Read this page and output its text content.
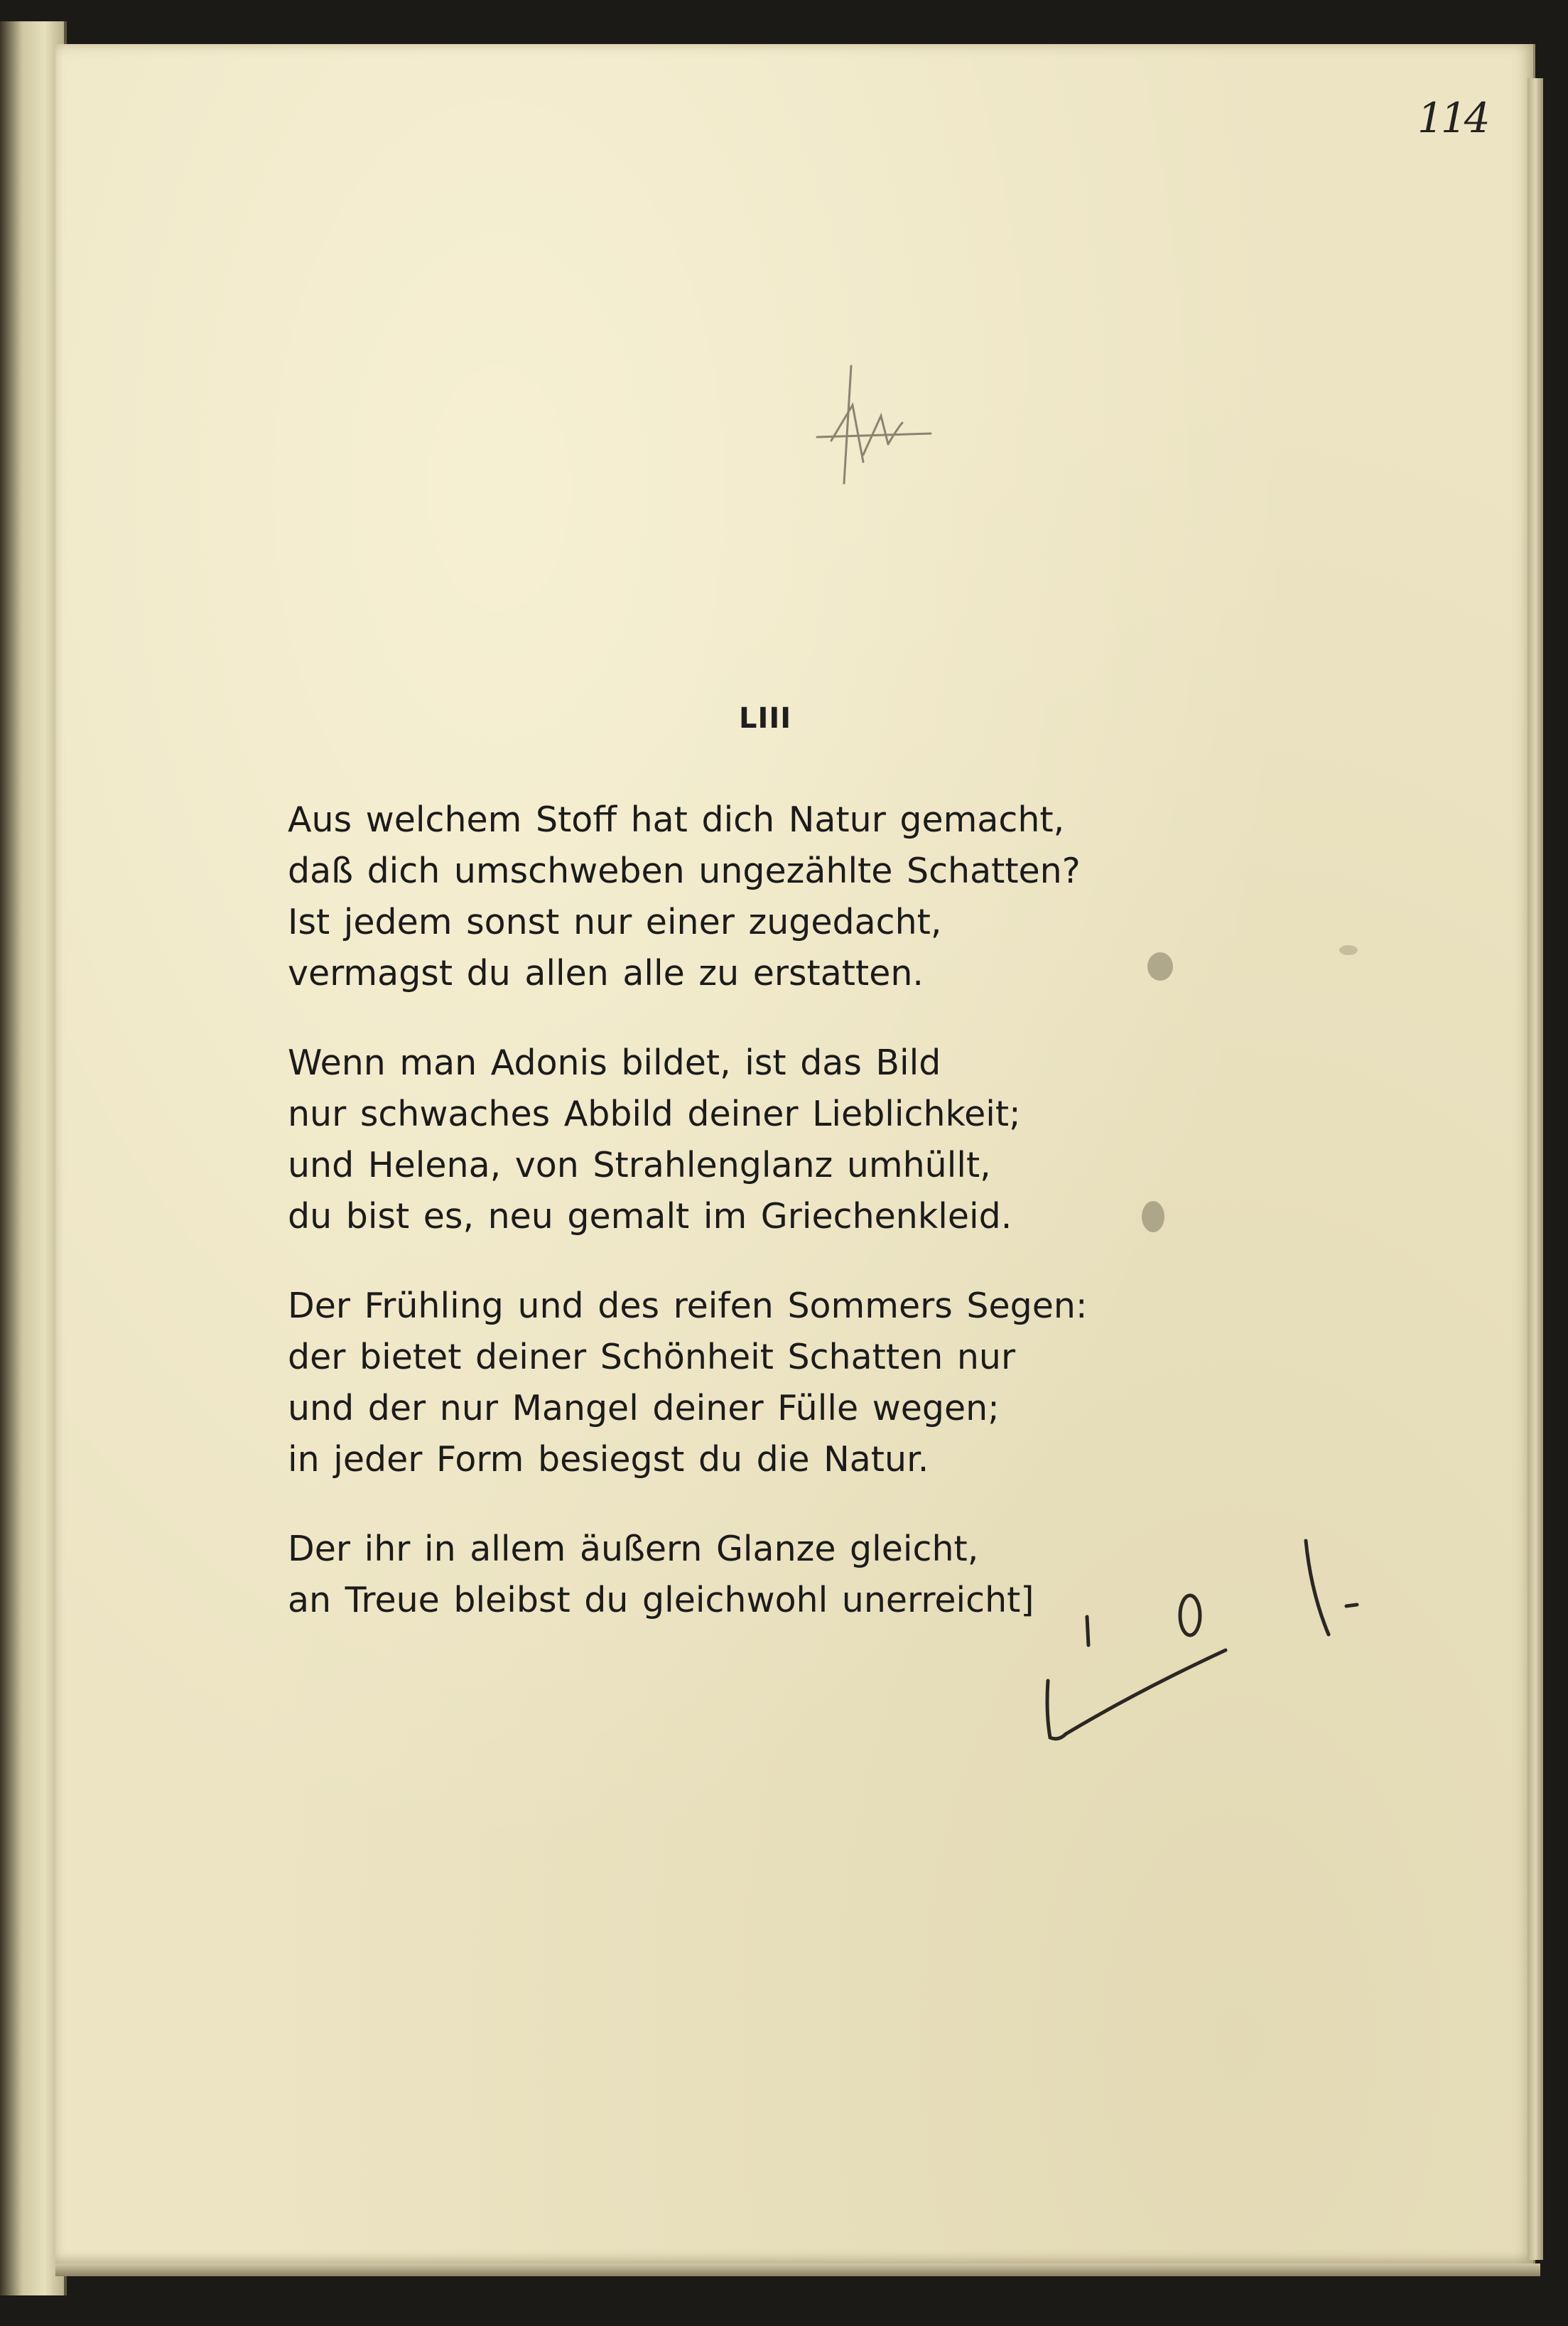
114
LIII
Aus welchem Stoff hat dich Natur gemacht,
daß dich umschweben ungezählte Schatten?
Ist jedem sonst nur einer zugedacht,
vermagst du allen alle zu erstatten.
Wenn man Adonis bildet, ist das Bild
nur schwaches Abbild deiner Lieblichkeit;
und Helena, von Strahlenglanz umhüllt,
du bist es, neu gemalt im Griechenkleid.
Der Frühling und des reifen Sommers Segen:
der bietet deiner Schönheit Schatten nur
und der nur Mangel deiner Fülle wegen;
in jeder Form besiegst du die Natur.
Der ihr in allem äußern Glanze gleicht,
an Treue bleibst du gleichwohl unerreicht]
